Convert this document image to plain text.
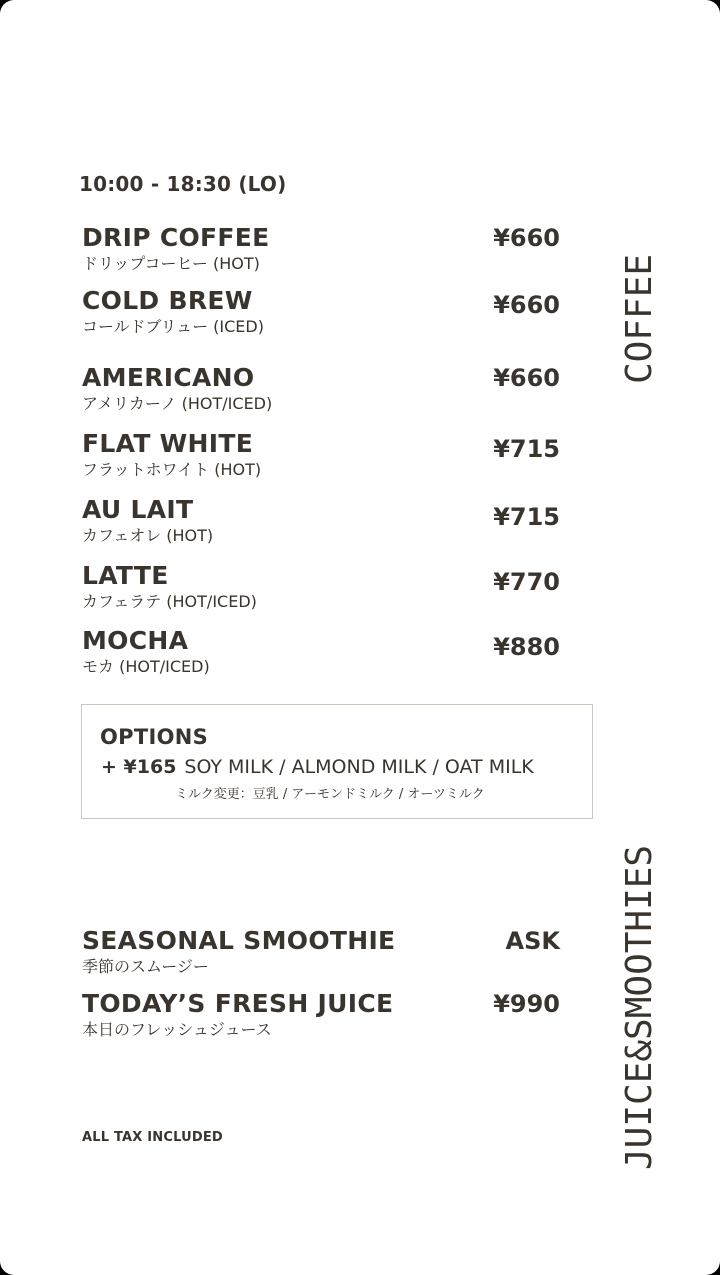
10:00 - 18:30 (LO)
DRIP COFFEE
ドリップコーヒー (HOT)
¥660
COLD BREW
コールドブリュー (ICED)
¥660
AMERICANO
アメリカーノ (HOT/ICED)
¥660
FLAT WHITE
フラットホワイト (HOT)
¥715
AU LAIT
カフェオレ (HOT)
¥715
LATTE
カフェラテ (HOT/ICED)
¥770
MOCHA
モカ (HOT/ICED)
¥880
COFFEE
JUICE&SMOOTHIES
OPTIONS
+ ¥165 SOY MILK / ALMOND MILK / OAT MILK
ミルク変更：豆乳 / アーモンドミルク / オーツミルク
SEASONAL SMOOTHIE
季節のスムージー
ASK
TODAY’S FRESH JUICE
本日のフレッシュジュース
¥990
ALL TAX INCLUDED
